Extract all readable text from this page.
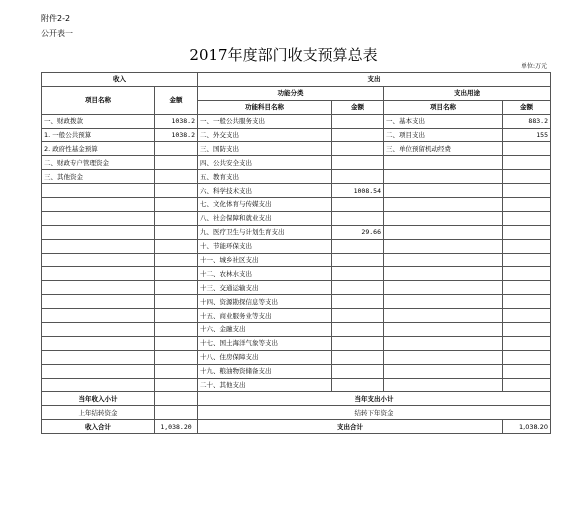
附件2-2
公开表一
2017年度部门收支预算总表
单位:万元
收入		支出			
项目名称	金额	功能分类		支出用途	
		功能科目名称	金额	项目名称	金额
一、财政拨款	1038.2	一、一般公共服务支出		一、基本支出	883.2
1. 一般公共预算	1038.2	二、外交支出		二、项目支出	155
2. 政府性基金预算		三、国防支出		三、单位预留机动经费	
二、财政专户管理资金		四、公共安全支出			
三、其他资金		五、教育支出			
		六、科学技术支出	1008.54		
		七、文化体育与传媒支出			
		八、社会保障和就业支出			
		九、医疗卫生与计划生育支出	29.66		
		十、节能环保支出			
		十一、城乡社区支出			
		十二、农林水支出			
		十三、交通运输支出			
		十四、资源勘探信息等支出			
		十五、商业服务业等支出			
		十六、金融支出			
		十七、国土海洋气象等支出			
		十八、住房保障支出			
		十九、粮油物资储备支出			
		二十、其他支出			
当年收入小计		当年支出小计			
上年结转资金		结转下年资金			
收入合计	1,038.20	支出合计			1,038.20
